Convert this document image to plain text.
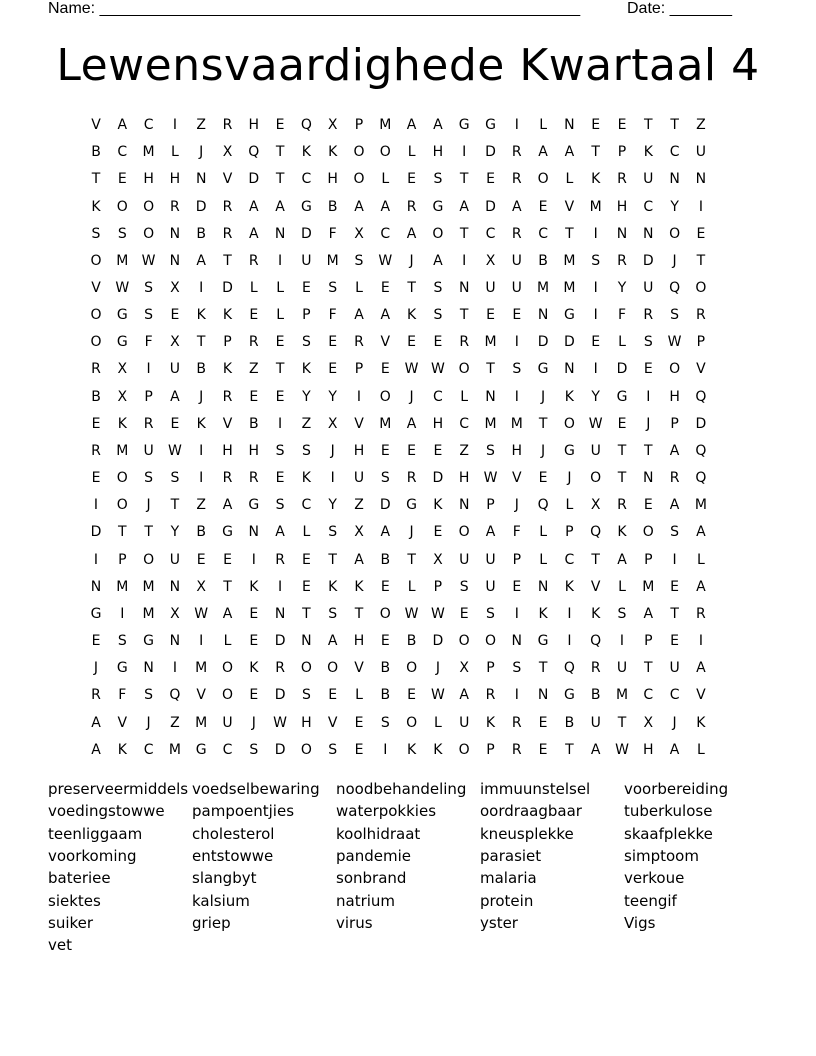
Name: ______________________________________________________	Date: _______
Lewensvaardighede Kwartaal 4
V	A	C	I	Z	R	H	E	Q	X	P	M	A	A	G	G	I	L	N	E	E	T	T	Z
B	C	M	L	J	X	Q	T	K	K	O	O	L	H	I	D	R	A	A	T	P	K	C	U
T	E	H	H	N	V	D	T	C	H	O	L	E	S	T	E	R	O	L	K	R	U	N	N
K	O	O	R	D	R	A	A	G	B	A	A	R	G	A	D	A	E	V	M	H	C	Y	I
S	S	O	N	B	R	A	N	D	F	X	C	A	O	T	C	R	C	T	I	N	N	O	E
O	M W	N	A	T	R	I	U	M	S	W	J	A	I	X	U	B	M	S	R	D	J	T
V	W	S	X	I	D	L	L	E	S	L	E	T	S	N	U	U	M	M	I	Y	U	Q	O
O	G	S	E	K	K	E	L	P	F	A	A	K	S	T	E	E	N	G	I	F	R	S	R
O	G	F	X	T	P	R	E	S	E	R	V	E	E	R	M	I	D	D	E	L	S	W	P
R	X	I	U	B	K	Z	T	K	E	P	E	W W O	T	S	G	N	I	D	E	O	V
B	X	P	A	J	R	E	E	Y	Y	I	O	J	C	L	N	I	J	K	Y	G	I	H	Q
E	K	R	E	K	V	B	I	Z	X	V	M	A	H	C	M	M	T	O W	E	J	P	D
R	M	U	W	I	H	H	S	S	J	H	E	E	E	Z	S	H	J	G	U	T	T	A	Q
E	O	S	S	I	R	R	E	K	I	U	S	R	D	H	W	V	E	J	O	T	N	R	Q
I	O	J	T	Z	A	G	S	C	Y	Z	D	G	K	N	P	J	Q	L	X	R	E	A	M
D	T	T	Y	B	G	N	A	L	S	X	A	J	E	O	A	F	L	P	Q	K	O	S	A
I	P	O	U	E	E	I	R	E	T	A	B	T	X	U	U	P	L	C	T	A	P	I	L
N	M	M	N	X	T	K	I	E	K	K	E	L	P	S	U	E	N	K	V	L	M	E	A
G	I	M	X	W	A	E	N	T	S	T	O W W	E	S	I	K	I	K	S	A	T	R
E	S	G	N	I	L	E	D	N	A	H	E	B	D	O	O	N	G	I	Q	I	P	E	I
J	G	N	I	M	O	K	R	O	O	V	B	O	J	X	P	S	T	Q	R	U	T	U	A
R	F	S	Q	V	O	E	D	S	E	L	B	E	W	A	R	I	N	G	B	M	C	C	V
A	V	J	Z	M	U	J	W	H	V	E	S	O	L	U	K	R	E	B	U	T	X	J	K
A	K	C	M	G	C	S	D	O	S	E	I	K	K	O	P	R	E	T	A	W	H	A	L
preserveermiddels voedselbewaring noodbehandeling immuunstelsel voorbereiding
voedingstowwe pampoentjies	waterpokkies	oordraagbaar	tuberkulose
teenliggaam	cholesterol	koolhidraat	kneusplekke	skaafplekke
voorkoming	entstowwe	pandemie	parasiet	simptoom
bateriee	slangbyt	sonbrand	malaria	verkoue
siektes	kalsium	natrium	protein	teengif
suiker	griep	virus	yster	Vigs
vet
